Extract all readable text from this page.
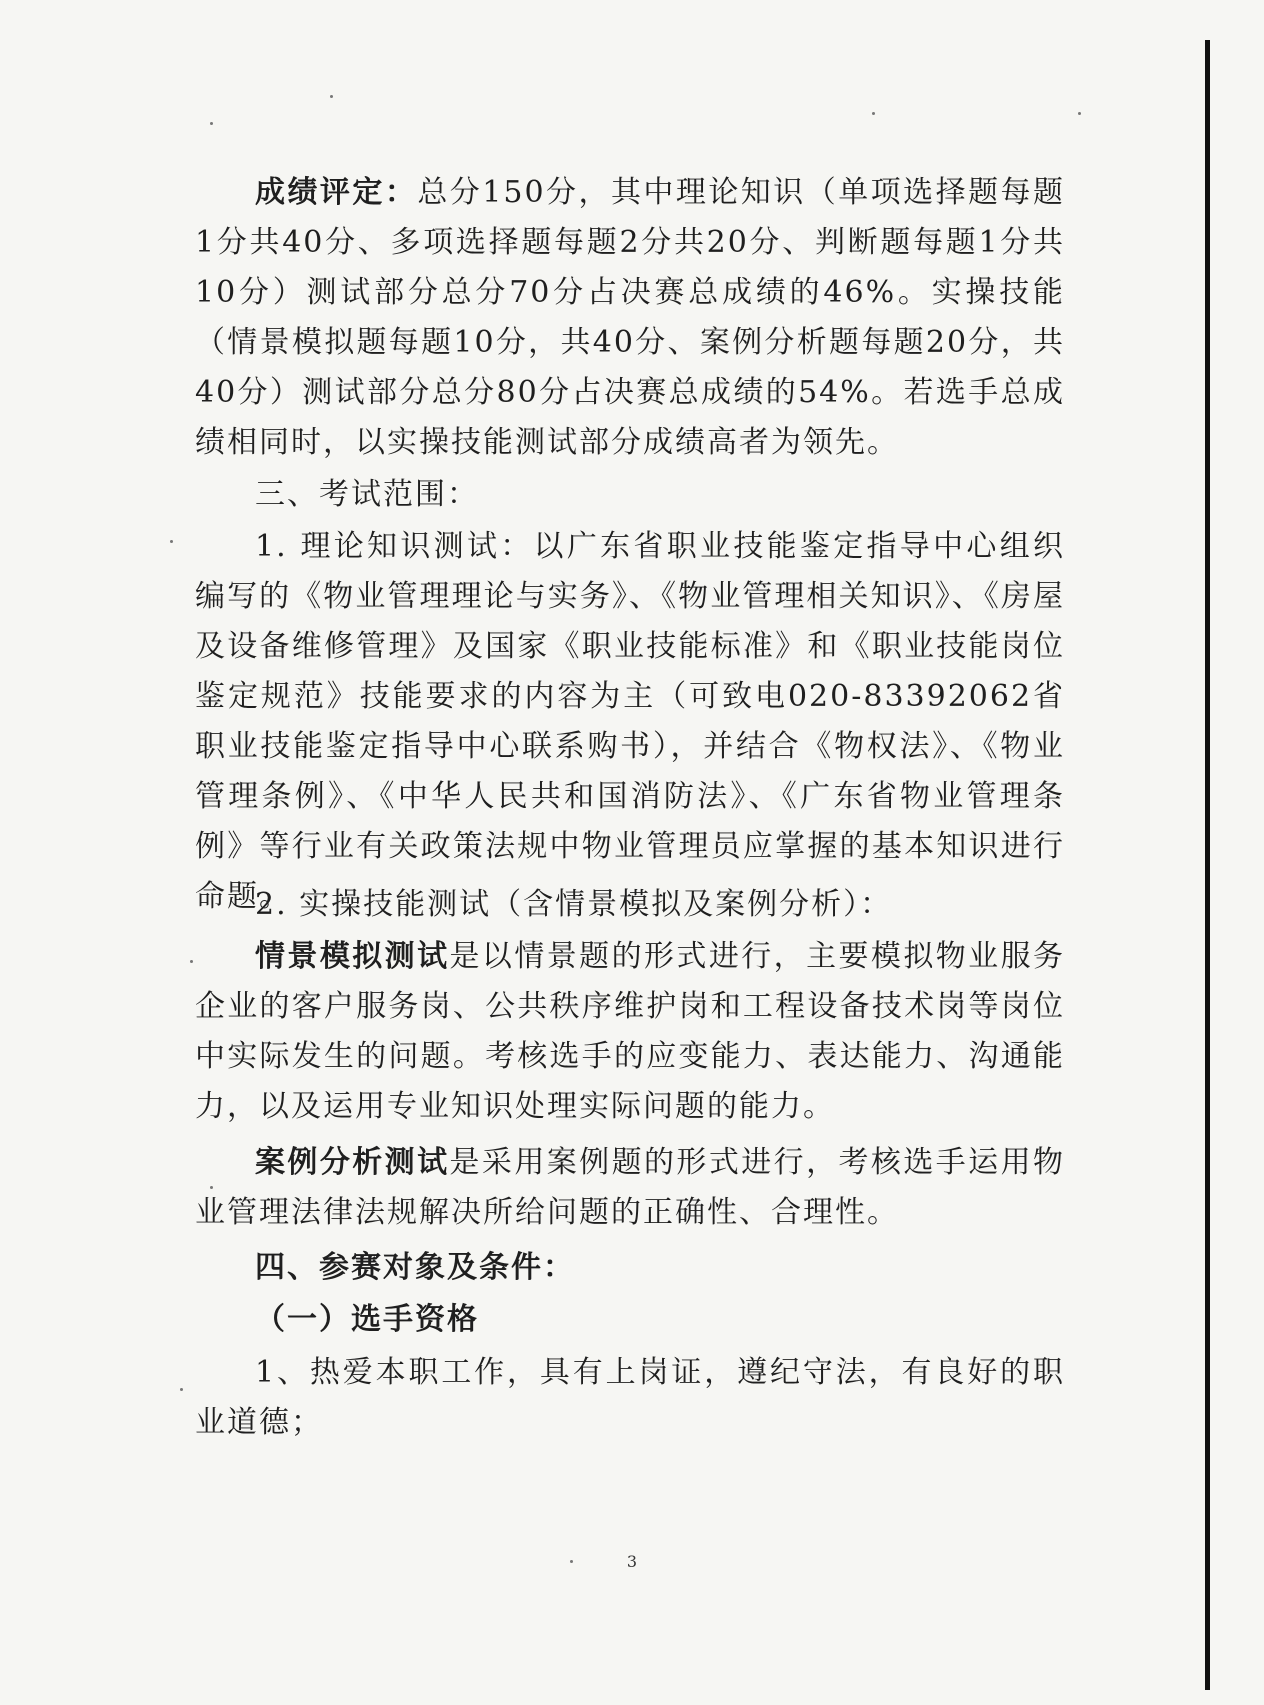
成绩评定：总分150分，其中理论知识（单项选择题每题1分共40分、多项选择题每题2分共20分、判断题每题1分共10分）测试部分总分70分占决赛总成绩的46%。实操技能（情景模拟题每题10分，共40分、案例分析题每题20分，共40分）测试部分总分80分占决赛总成绩的54%。若选手总成绩相同时，以实操技能测试部分成绩高者为领先。

三、考试范围：

1. 理论知识测试：以广东省职业技能鉴定指导中心组织编写的《物业管理理论与实务》、《物业管理相关知识》、《房屋及设备维修管理》及国家《职业技能标准》和《职业技能岗位鉴定规范》技能要求的内容为主（可致电020-83392062省职业技能鉴定指导中心联系购书），并结合《物权法》、《物业管理条例》、《中华人民共和国消防法》、《广东省物业管理条例》等行业有关政策法规中物业管理员应掌握的基本知识进行命题。

2. 实操技能测试（含情景模拟及案例分析）：

情景模拟测试是以情景题的形式进行，主要模拟物业服务企业的客户服务岗、公共秩序维护岗和工程设备技术岗等岗位中实际发生的问题。考核选手的应变能力、表达能力、沟通能力，以及运用专业知识处理实际问题的能力。

案例分析测试是采用案例题的形式进行，考核选手运用物业管理法律法规解决所给问题的正确性、合理性。

四、参赛对象及条件：

（一）选手资格

1、热爱本职工作，具有上岗证，遵纪守法，有良好的职业道德；

3
